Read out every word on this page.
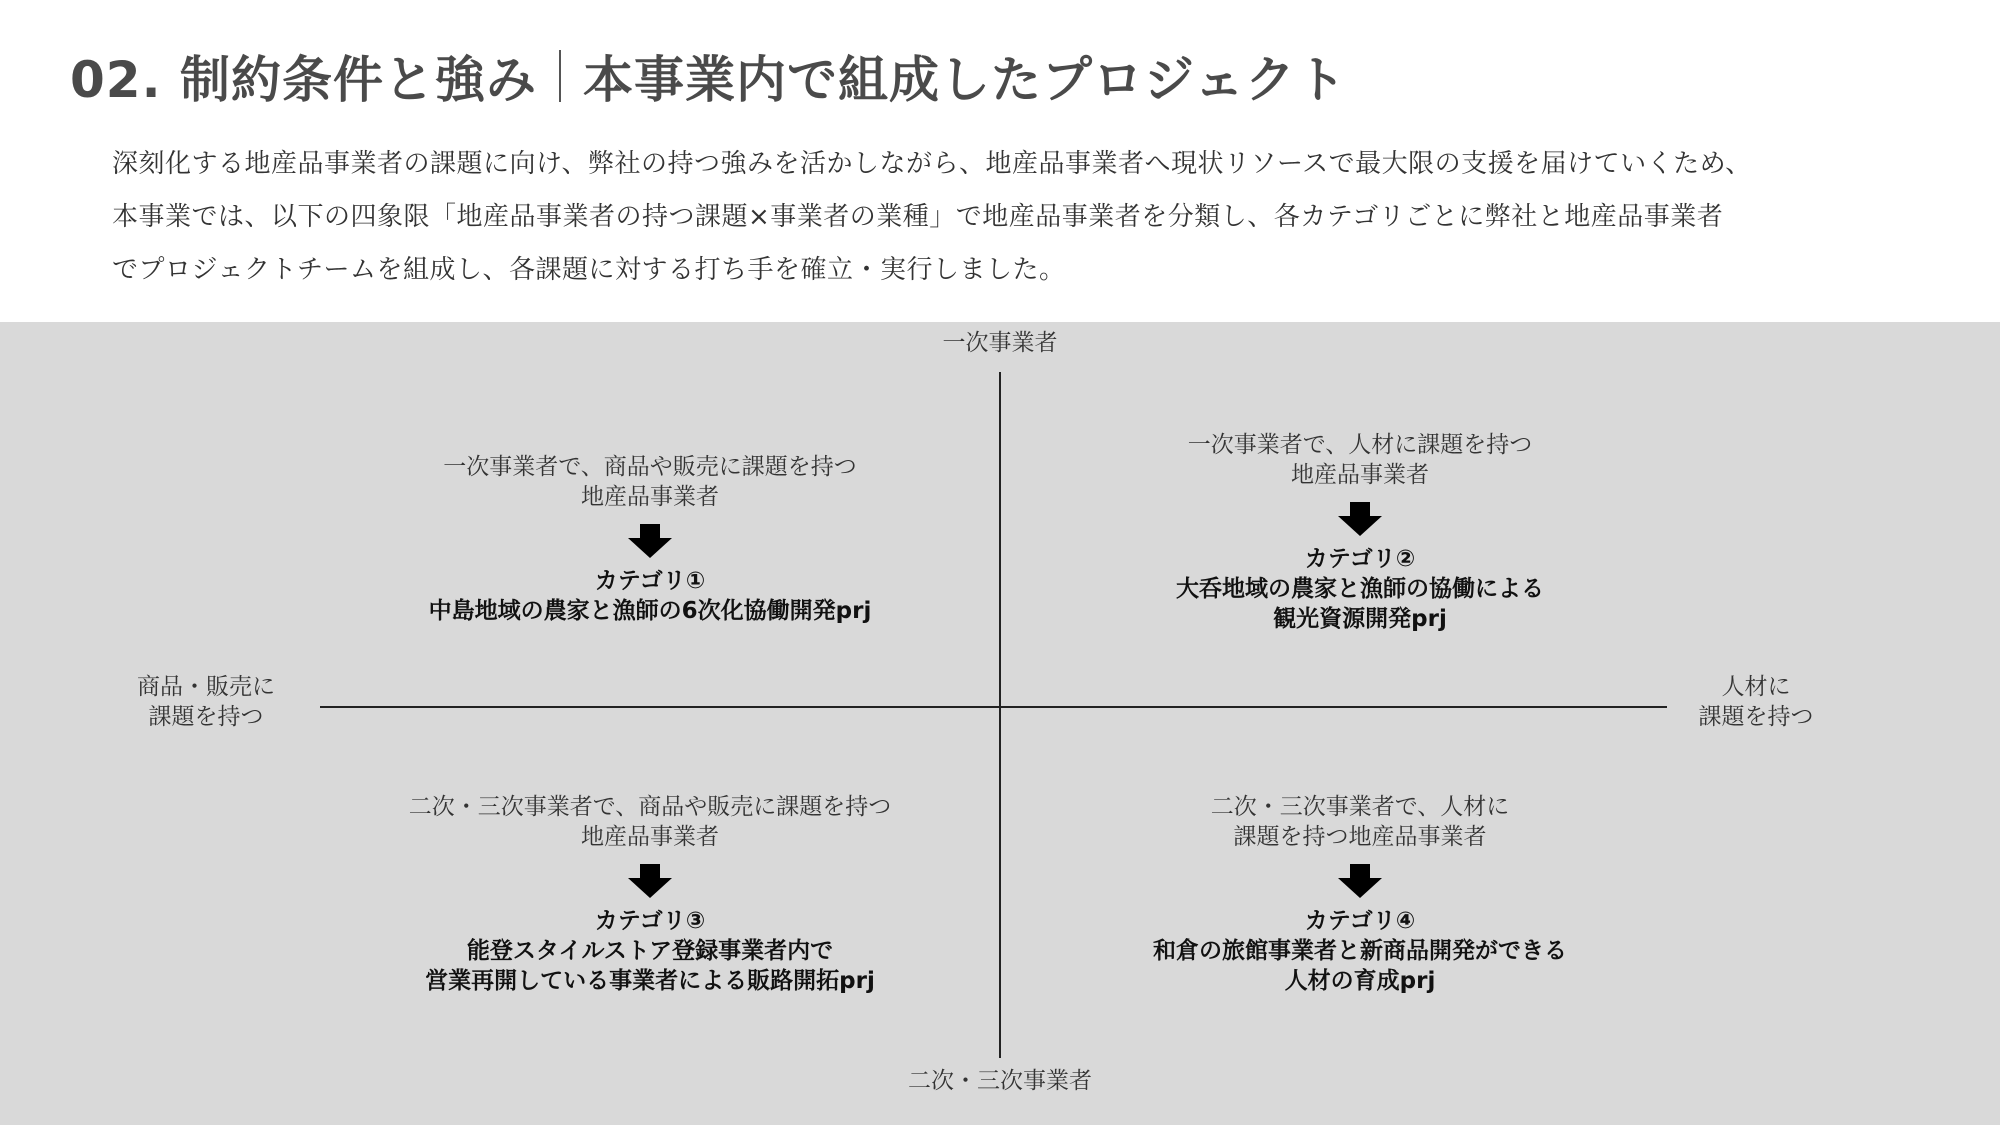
02. 制約条件と強み 本事業内で組成したプロジェクト
深刻化する地産品事業者の課題に向け、弊社の持つ強みを活かしながら、地産品事業者へ現状リソースで最大限の支援を届けていくため、
本事業では、以下の四象限「地産品事業者の持つ課題×事業者の業種」で地産品事業者を分類し、各カテゴリごとに弊社と地産品事業者
でプロジェクトチームを組成し、各課題に対する打ち手を確立・実行しました。
一次事業者
二次・三次事業者
商品・販売に
課題を持つ
人材に
課題を持つ
一次事業者で、商品や販売に課題を持つ
地産品事業者
カテゴリ①
中島地域の農家と漁師の6次化協働開発prj
一次事業者で、人材に課題を持つ
地産品事業者
カテゴリ②
大呑地域の農家と漁師の協働による
観光資源開発prj
二次・三次事業者で、商品や販売に課題を持つ
地産品事業者
カテゴリ③
能登スタイルストア登録事業者内で
営業再開している事業者による販路開拓prj
二次・三次事業者で、人材に
課題を持つ地産品事業者
カテゴリ④
和倉の旅館事業者と新商品開発ができる
人材の育成prj
